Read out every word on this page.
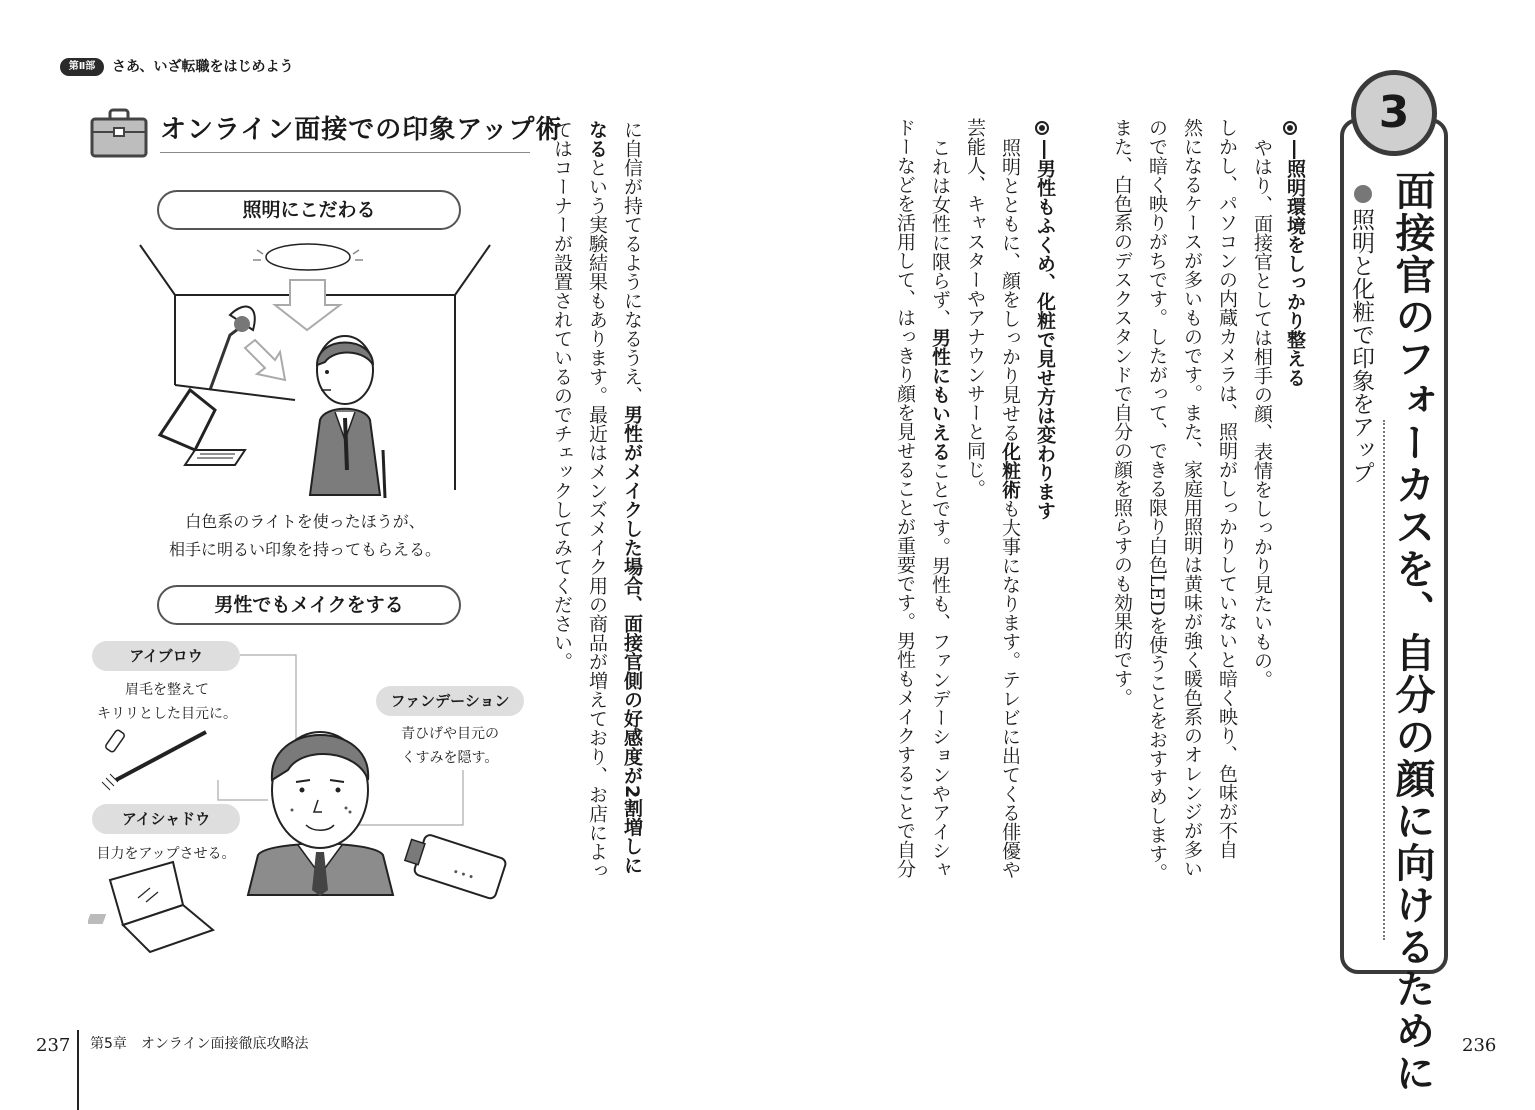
第Ⅱ部	さあ、いざ転職をはじめよう
オンライン面接での印象アップ術
照明にこだわる
白色系のライトを使ったほうが、
相手に明るい印象を持ってもらえる。
男性でもメイクをする
アイブロウ
眉毛を整えて
キリリとした目元に。
ファンデーション
青ひげや目元の
くすみを隠す。
アイシャドウ
目力をアップさせる。
に自信が持てるようになるうえ、男性がメイクした場合、面接官側の好感度が2割増しに
なるという実験結果もあります。最近はメンズメイク用の商品が増えており、お店によっ
てはコーナーが設置されているのでチェックしてみてください。
3
面接官のフォーカスを、自分の顔に向けるために
照明と化粧で印象をアップ
―照明環境をしっかり整える
やはり、面接官としては相手の顔、表情をしっかり見たいもの。
しかし、パソコンの内蔵カメラは、照明がしっかりしていないと暗く映り、色味が不自
然になるケースが多いものです。また、家庭用照明は黄味が強く暖色系のオレンジが多い
ので暗く映りがちです。したがって、できる限り白色LEDを使うことをおすすめします。
また、白色系のデスクスタンドで自分の顔を照らすのも効果的です。
―男性もふくめ、化粧で見せ方は変わります
照明とともに、顔をしっかり見せる化粧術も大事になります。テレビに出てくる俳優や
芸能人、キャスターやアナウンサーと同じ。
これは女性に限らず、男性にもいえることです。男性も、ファンデーションやアイシャ
ドーなどを活用して、はっきり顔を見せることが重要です。男性もメイクすることで自分
237 第5章　オンライン面接徹底攻略法	236
